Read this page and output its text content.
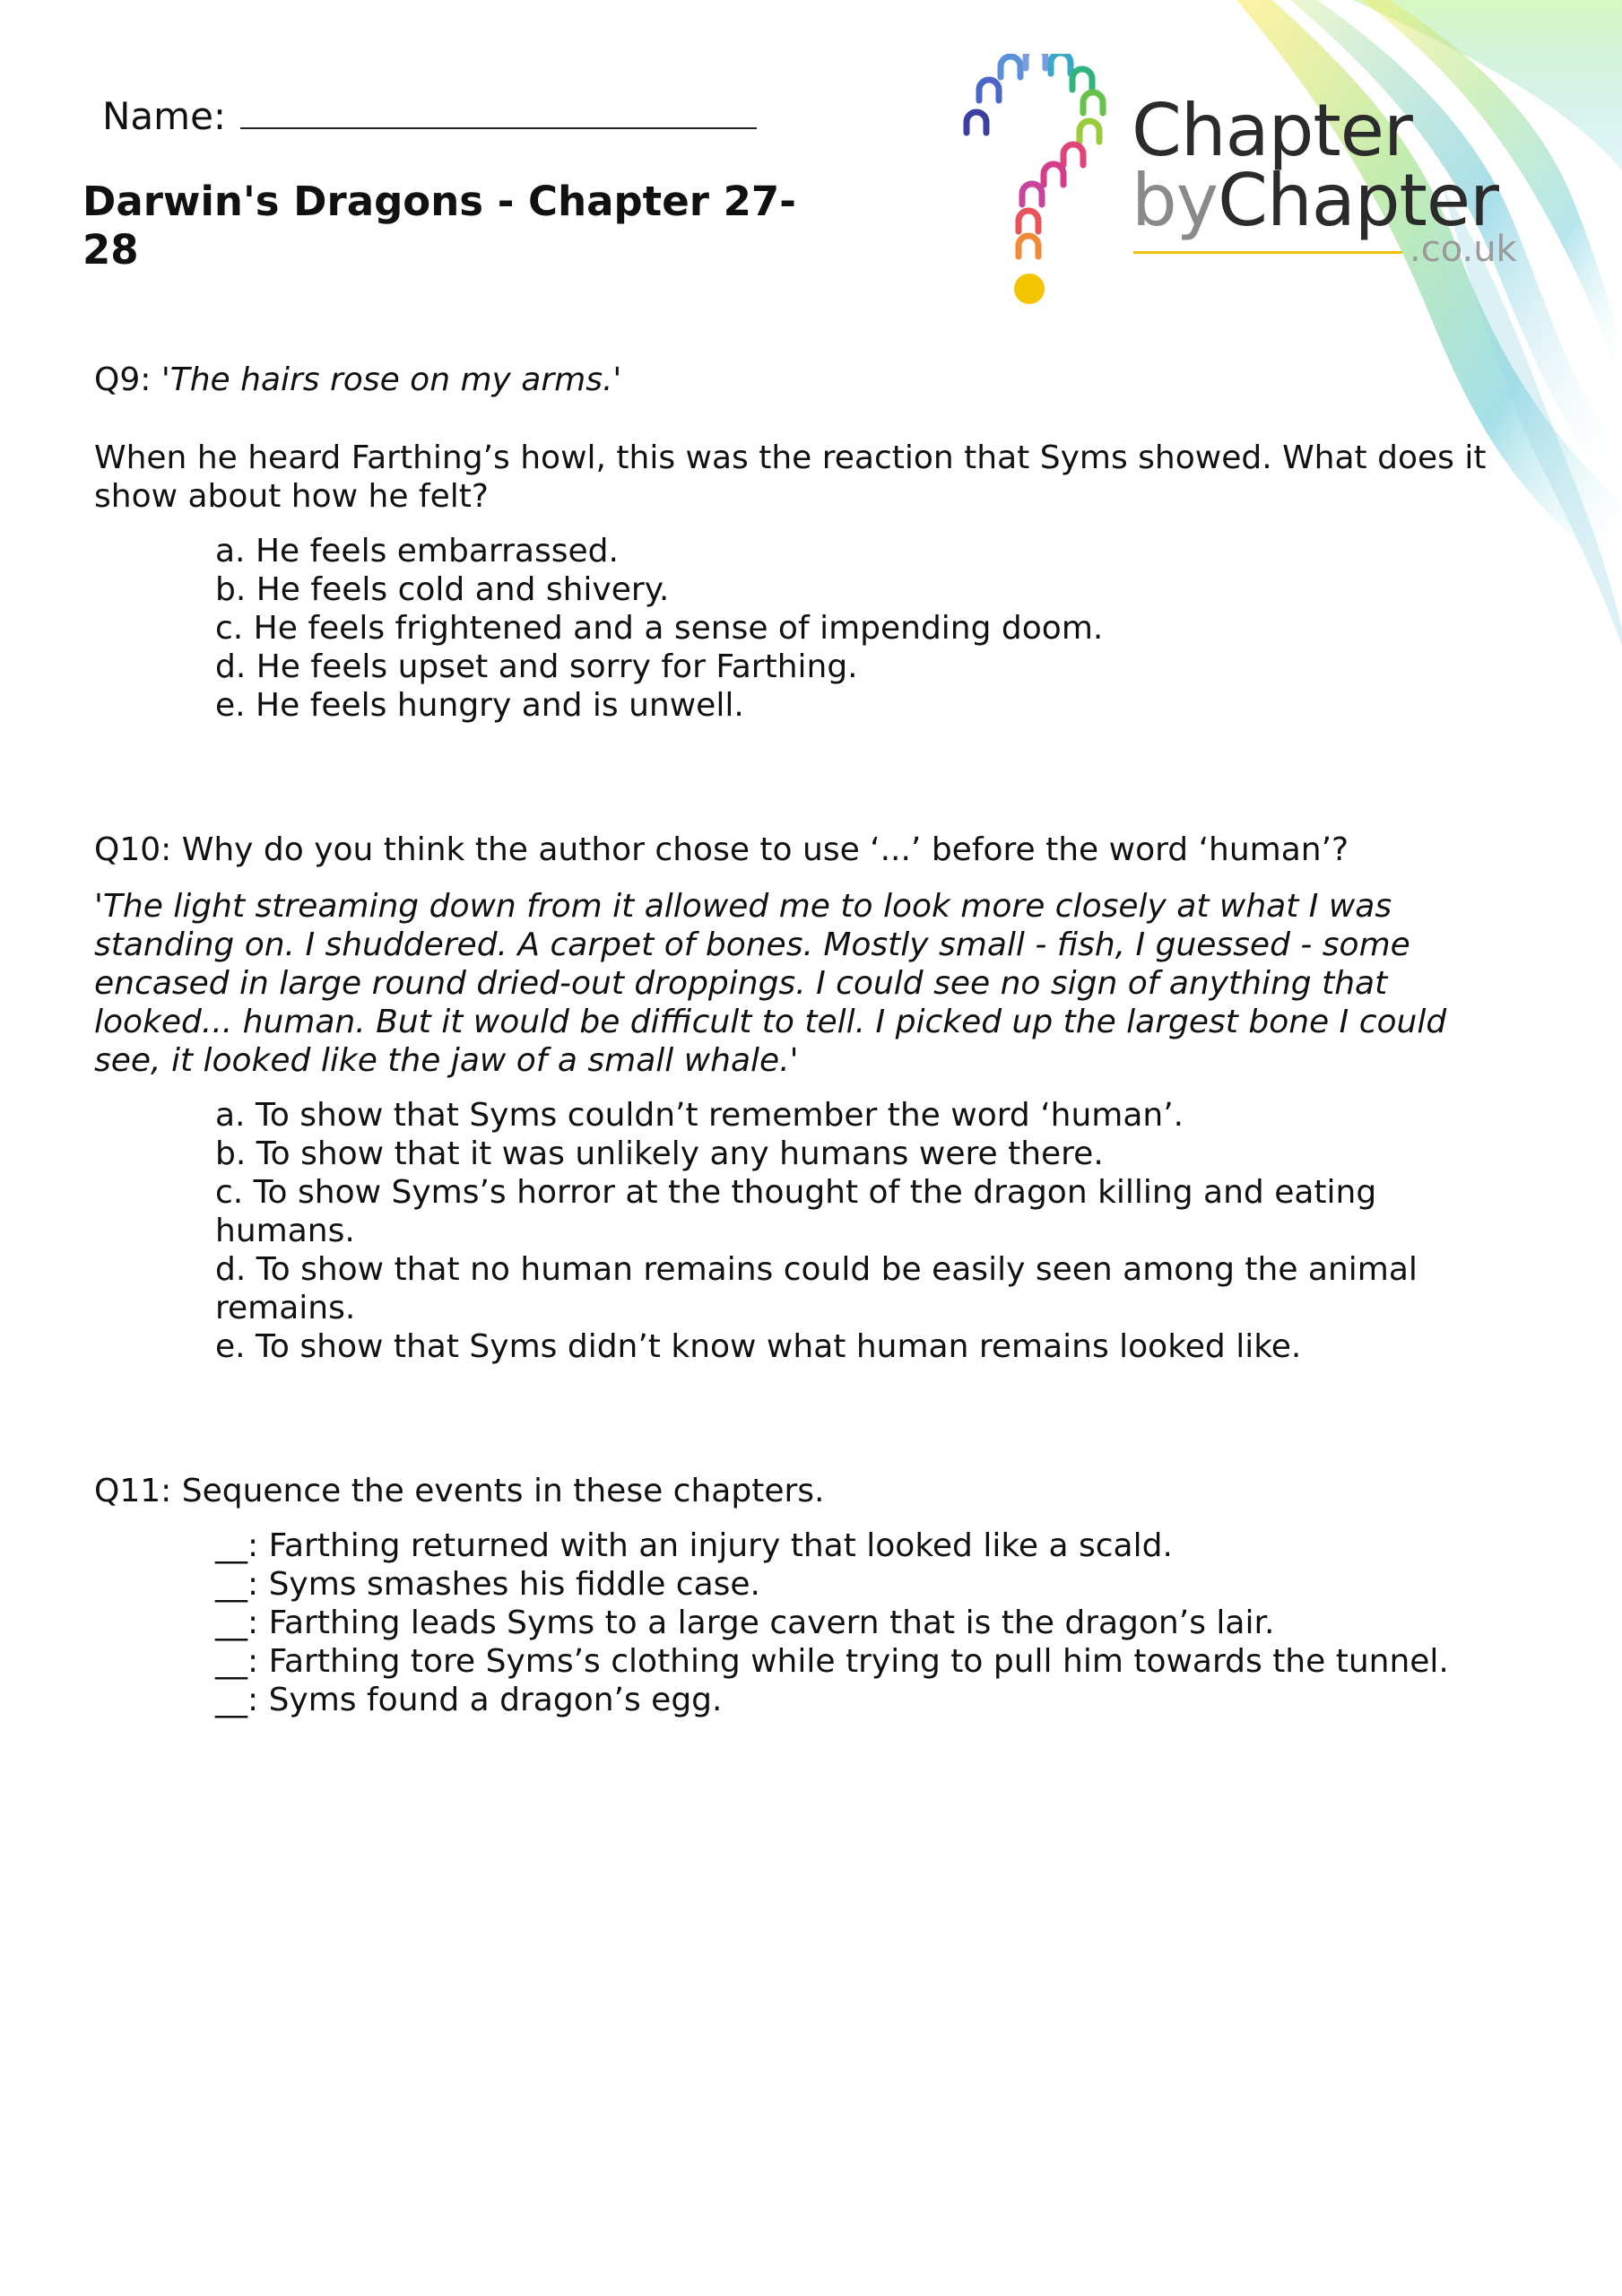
Chapter
byChapter
.co.uk
Name:
Darwin's Dragons - Chapter 27-28

Q9: 'The hairs rose on my arms.'

When he heard Farthing’s howl, this was the reaction that Syms showed. What does it show about how he felt?

a. He feels embarrassed.
b. He feels cold and shivery.
c. He feels frightened and a sense of impending doom.
d. He feels upset and sorry for Farthing.
e. He feels hungry and is unwell.

Q10: Why do you think the author chose to use ‘...’ before the word ‘human’?

'The light streaming down from it allowed me to look more closely at what I was standing on. I shuddered. A carpet of bones. Mostly small - fish, I guessed - some encased in large round dried-out droppings. I could see no sign of anything that looked... human. But it would be difficult to tell. I picked up the largest bone I could see, it looked like the jaw of a small whale.'

a. To show that Syms couldn’t remember the word ‘human’.
b. To show that it was unlikely any humans were there.
c. To show Syms’s horror at the thought of the dragon killing and eating humans.
d. To show that no human remains could be easily seen among the animal remains.
e. To show that Syms didn’t know what human remains looked like.

Q11: Sequence the events in these chapters.

__: Farthing returned with an injury that looked like a scald.
__: Syms smashes his fiddle case.
__: Farthing leads Syms to a large cavern that is the dragon’s lair.
__: Farthing tore Syms’s clothing while trying to pull him towards the tunnel.
__: Syms found a dragon’s egg.
